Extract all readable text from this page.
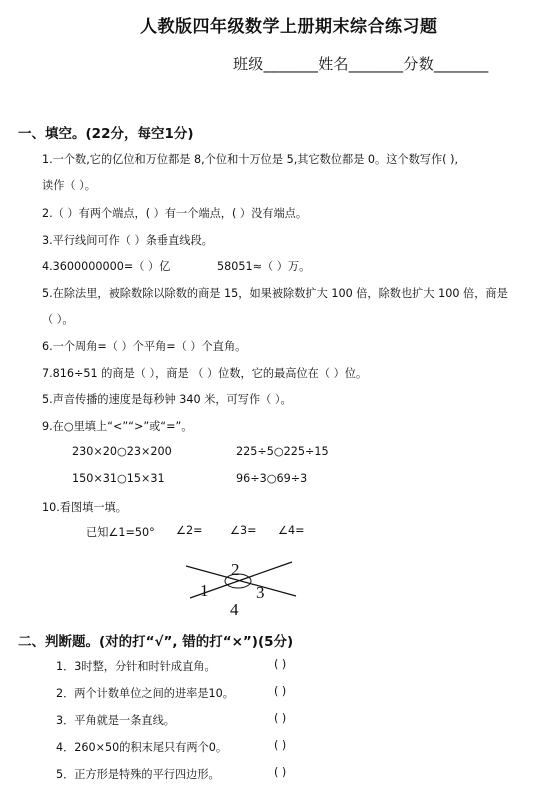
人教版四年级数学上册期末综合练习题
班级_______姓名_______分数_______
一、填空。(22分，每空1分)
1.一个数,它的亿位和万位都是 8,个位和十万位是 5,其它数位都是 0。这个数写作( ),
读作（ ）。
2.（ ）有两个端点，( ）有一个端点，( ）没有端点。
3.平行线间可作（ ）条垂直线段。
4.3600000000=（ ）亿	58051≈（ ）万。
5.在除法里，被除数除以除数的商是 15，如果被除数扩大 100 倍，除数也扩大 100 倍，商是
（ ）。
6.一个周角=（ ）个平角=（ ）个直角。
7.816÷51 的商是（ ），商是 （ ）位数，它的最高位在（ ）位。
5.声音传播的速度是每秒钟 340 米，可写作（ ）。
9.在○里填上“<”“>”或“=”。
230×20○23×200	225÷5○225÷15
150×31○15×31	96÷3○69÷3
10.看图填一填。
已知∠1=50° ∠2= ∠3= ∠4=
1
2
3
4
二、判断题。(对的打“√”, 错的打“×”)(5分)
1．3时整，分针和时针成直角。	( )
2．两个计数单位之间的进率是10。	( )
3．平角就是一条直线。	( )
4．260×50的积末尾只有两个0。	( )
5．正方形是特殊的平行四边形。	( )
